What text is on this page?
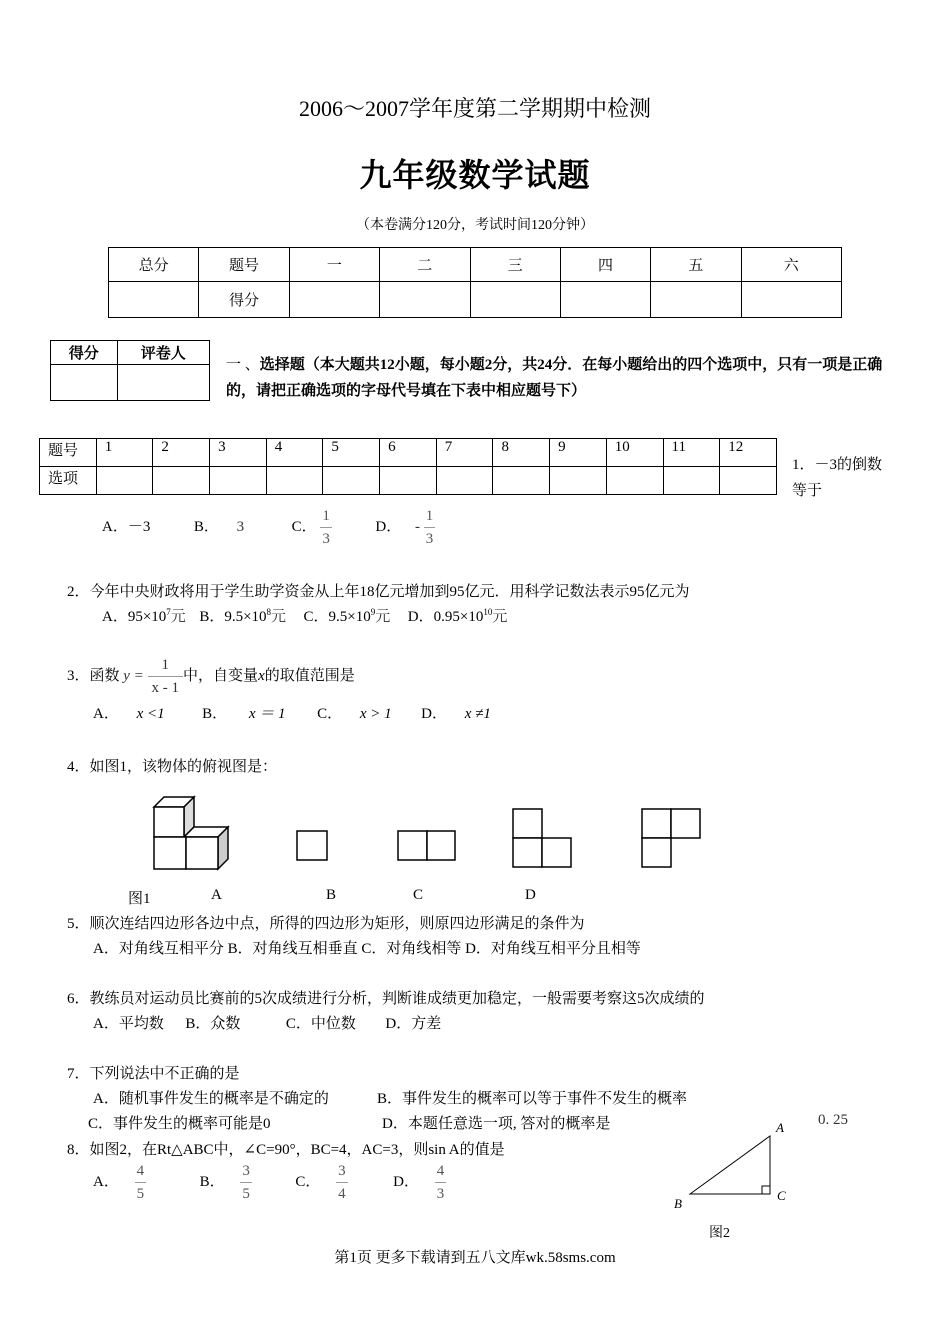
2006～2007学年度第二学期期中检测
九年级数学试题
（本卷满分120分，考试时间120分钟）
总分	题号	一	二	三	四	五	六
	得分						
得分	评卷人

一 、选择题（本大题共12小题，每小题2分，共24分．在每小题给出的四个选项中，只有一项是正确的，请把正确选项的字母代号填在下表中相应题号下）
题号	1	2	3	4	5	6	7	8	9	10	11	12
选项												
1．－3的倒数等于
A．－3	B． 3	C． $\frac{1}{3}$	D． - $\frac{1}{3}$
2．今年中央财政将用于学生助学资金从上年18亿元增加到95亿元．用科学记数法表示95亿元为
A．$95\times 10^7$元 B．$9.5\times 10^8$元 C．$9.5\times 10^9$元 D．$0.95\times 10^{10}$元
3．函数 $y = \frac{1}{x - 1}$ 中，自变量x的取值范围是
A． x <1	B． x ＝ 1 C． x > 1 D． x ≠1
4．如图1，该物体的俯视图是：
图1	A	B	C	D
5．顺次连结四边形各边中点，所得的四边形为矩形，则原四边形满足的条件为
A．对角线互相平分 B．对角线互相垂直 C．对角线相等 D．对角线互相平分且相等
6．教练员对运动员比赛前的5次成绩进行分析，判断谁成绩更加稳定，一般需要考察这5次成绩的
A．平均数 B．众数	C．中位数 D．方差
7．下列说法中不正确的是
A．随机事件发生的概率是不确定的	B．事件发生的概率可以等于事件不发生的概率
C．事件发生的概率可能是0	D．本题任意选一项, 答对的概率是	0. 25
8．如图2，在Rt△ABC中，∠C=90°，BC=4，AC=3，则sin A的值是
A． $\frac{4}{5}$	B． $\frac{3}{5}$	C． $\frac{3}{4}$	D． $\frac{4}{3}$
A
B
C
图2
第1页 更多下载请到五八文库wk.58sms.com
